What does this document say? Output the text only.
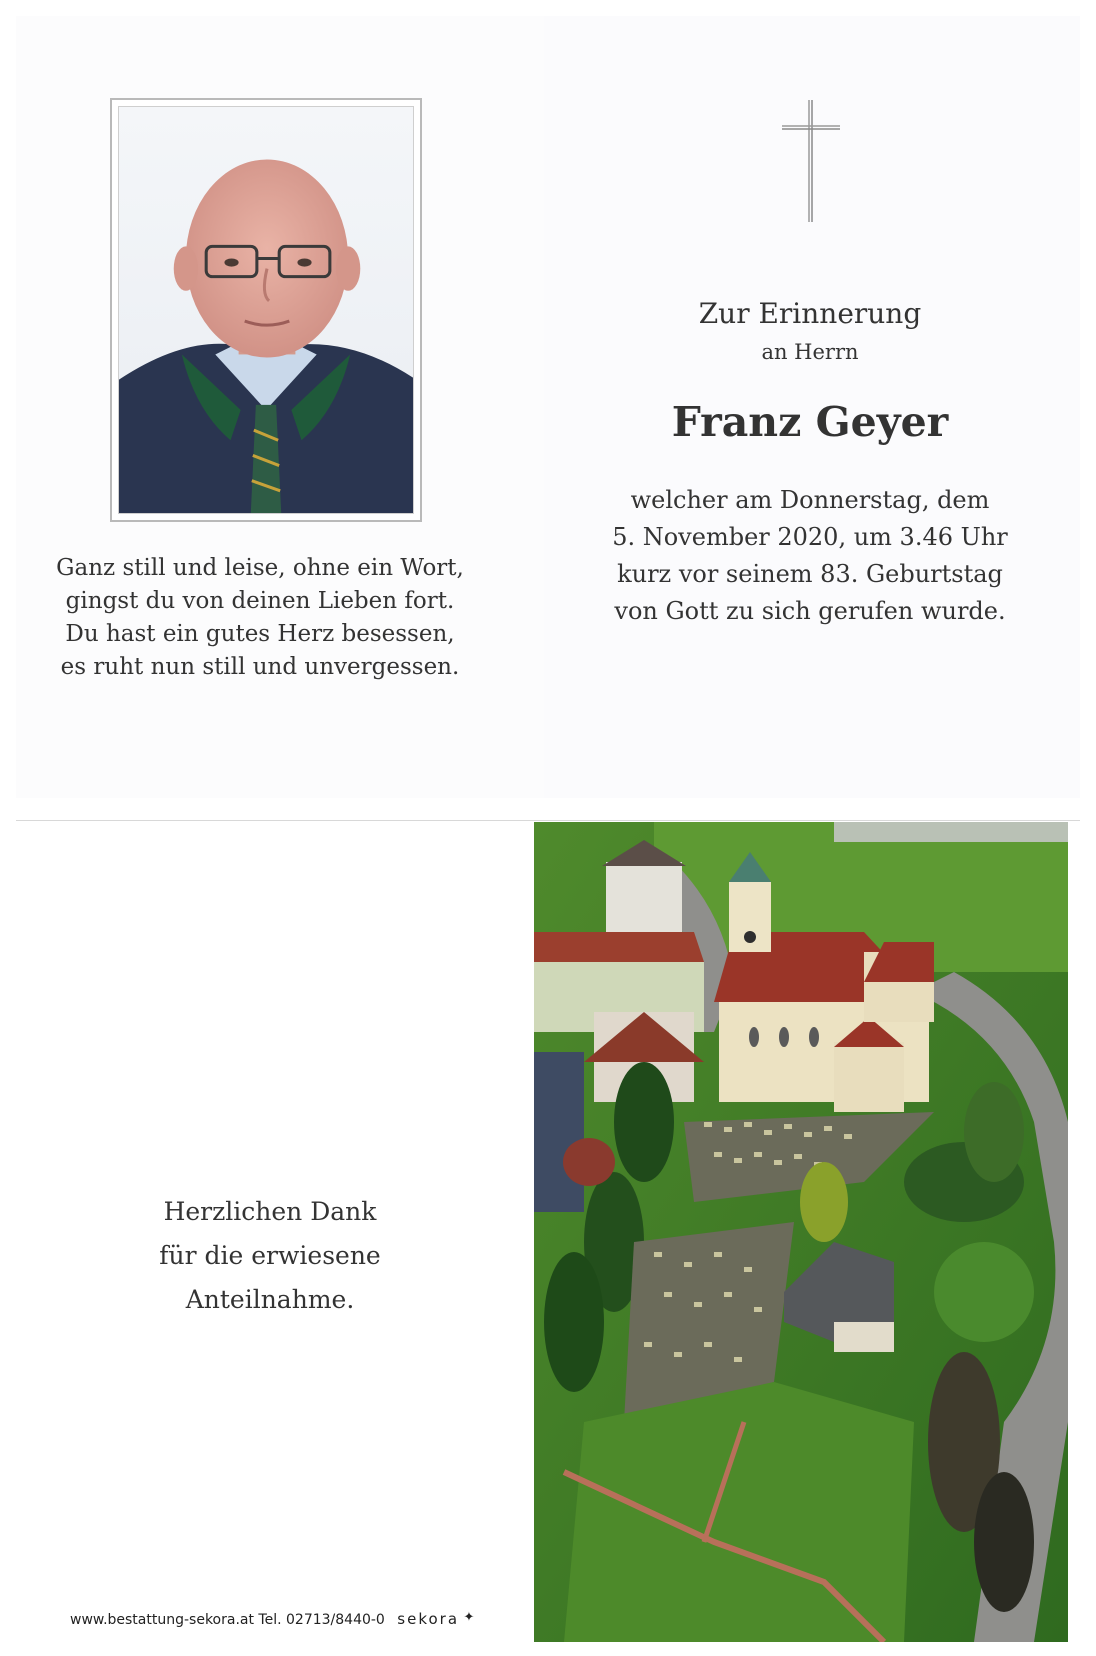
Ganz still und leise, ohne ein Wort,
gingst du von deinen Lieben fort.
Du hast ein gutes Herz besessen,
es ruht nun still und unvergessen.
Zur Erinnerung
an Herrn
Franz Geyer
welcher am Donnerstag, dem
5. November 2020, um 3.46 Uhr
kurz vor seinem 83. Geburtstag
von Gott zu sich gerufen wurde.
Herzlichen Dank
für die erwiesene
Anteilnahme.
www.bestattung-sekora.at Tel. 02713/8440-0 sekora ✦
